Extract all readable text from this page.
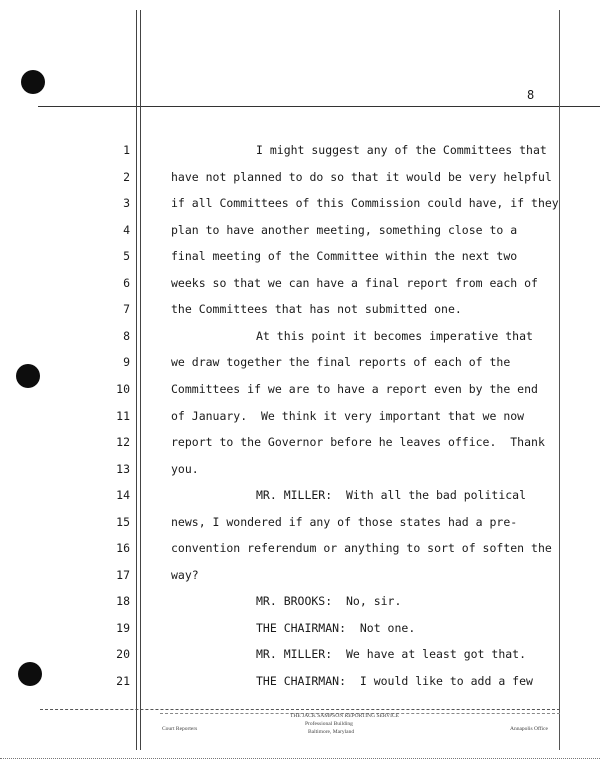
8
1	I might suggest any of the Committees that
2	have not planned to do so that it would be very helpful
3	if all Committees of this Commission could have, if they
4	plan to have another meeting, something close to a
5	final meeting of the Committee within the next two
6	weeks so that we can have a final report from each of
7	the Committees that has not submitted one.
8	At this point it becomes imperative that
9	we draw together the final reports of each of the
10	Committees if we are to have a report even by the end
11	of January.  We think it very important that we now
12	report to the Governor before he leaves office.  Thank
13	you.
14	MR. MILLER:  With all the bad political
15	news, I wondered if any of those states had a pre-
16	convention referendum or anything to sort of soften the
17	way?
18	MR. BROOKS:  No, sir.
19	THE CHAIRMAN:  Not one.
20	MR. MILLER:  We have at least got that.
21	THE CHAIRMAN:  I would like to add a few
Court Reporters
THE JACK SAMPSON REPORTING SERVICE
Professional Building
Baltimore, Maryland	Annapolis Office
